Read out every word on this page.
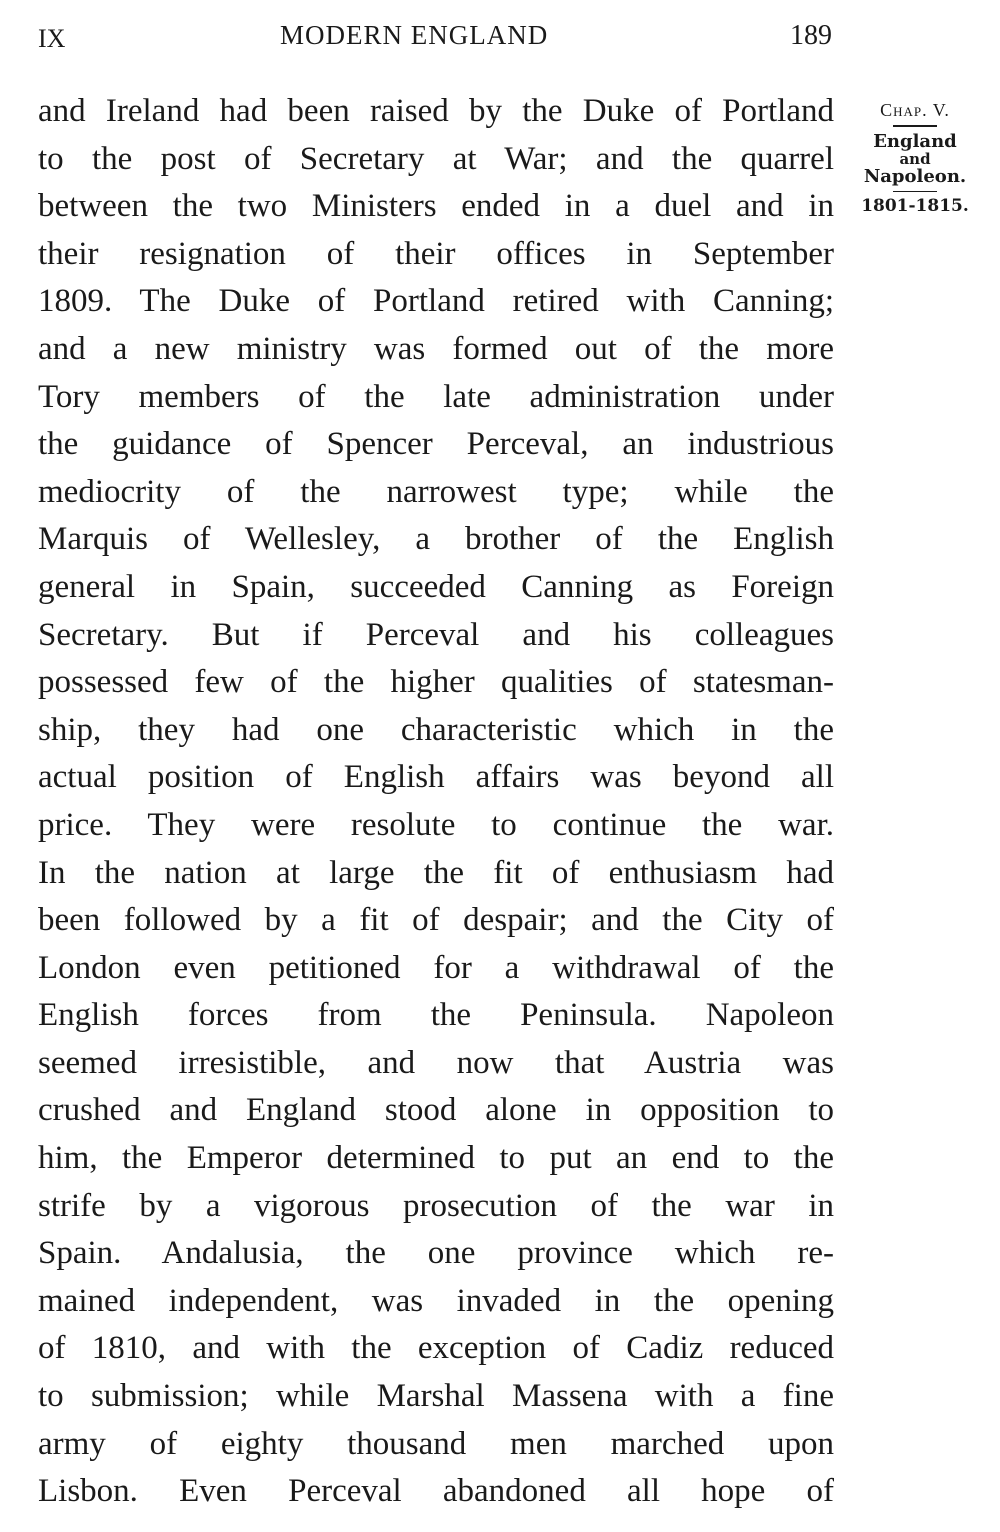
IX	MODERN ENGLAND	189
and Ireland had been raised by the Duke of Portland
to the post of Secretary at War; and the quarrel
between the two Ministers ended in a duel and in
their resignation of their offices in September
1809. The Duke of Portland retired with Canning;
and a new ministry was formed out of the more
Tory members of the late administration under
the guidance of Spencer Perceval, an industrious
mediocrity of the narrowest type; while the
Marquis of Wellesley, a brother of the English
general in Spain, succeeded Canning as Foreign
Secretary. But if Perceval and his colleagues
possessed few of the higher qualities of statesman-
ship, they had one characteristic which in the
actual position of English affairs was beyond all
price. They were resolute to continue the war.
In the nation at large the fit of enthusiasm had
been followed by a fit of despair; and the City of
London even petitioned for a withdrawal of the
English forces from the Peninsula. Napoleon
seemed irresistible, and now that Austria was
crushed and England stood alone in opposition to
him, the Emperor determined to put an end to the
strife by a vigorous prosecution of the war in
Spain. Andalusia, the one province which re-
mained independent, was invaded in the opening
of 1810, and with the exception of Cadiz reduced
to submission; while Marshal Massena with a fine
army of eighty thousand men marched upon
Lisbon. Even Perceval abandoned all hope of
Chap. V.
England
and
Napoleon.
1801-1815.
